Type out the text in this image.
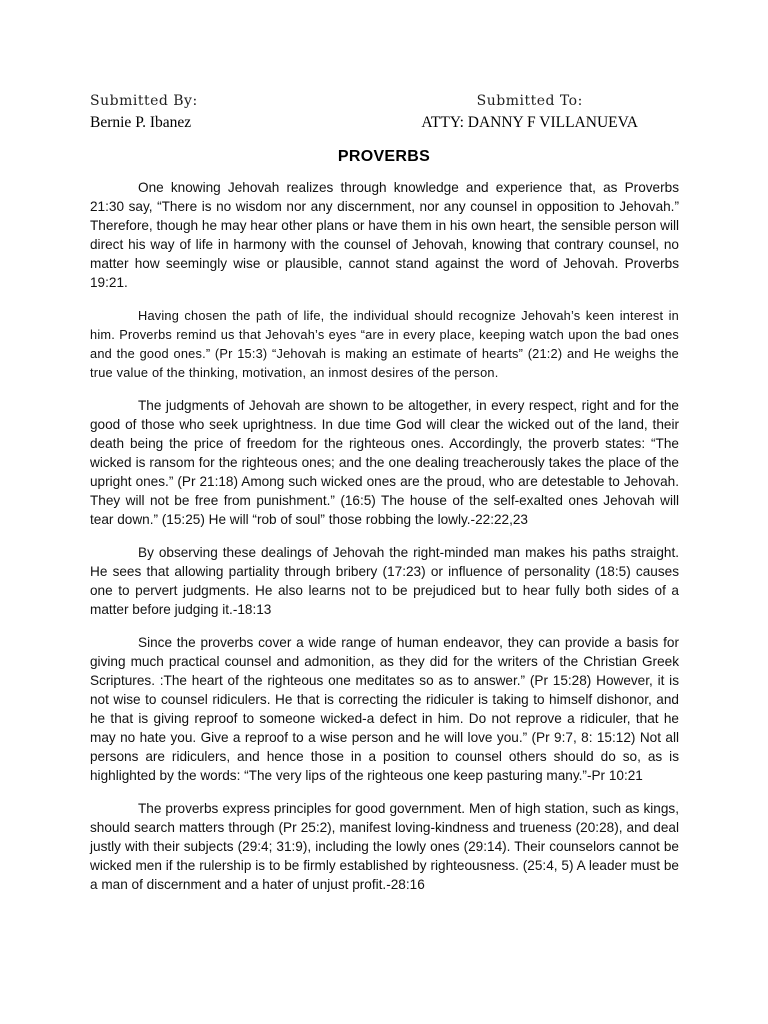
Submitted By:
Bernie P. Ibanez
Submitted To:
ATTY: DANNY F VILLANUEVA
PROVERBS

One knowing Jehovah realizes through knowledge and experience that, as Proverbs 21:30 say, “There is no wisdom nor any discernment, nor any counsel in opposition to Jehovah.” Therefore, though he may hear other plans or have them in his own heart, the sensible person will direct his way of life in harmony with the counsel of Jehovah, knowing that contrary counsel, no matter how seemingly wise or plausible, cannot stand against the word of Jehovah. Proverbs 19:21.

Having chosen the path of life, the individual should recognize Jehovah’s keen interest in him. Proverbs remind us that Jehovah’s eyes “are in every place, keeping watch upon the bad ones and the good ones.” (Pr 15:3) “Jehovah is making an estimate of hearts” (21:2) and He weighs the true value of the thinking, motivation, an inmost desires of the person.

The judgments of Jehovah are shown to be altogether, in every respect, right and for the good of those who seek uprightness. In due time God will clear the wicked out of the land, their death being the price of freedom for the righteous ones. Accordingly, the proverb states: “The wicked is ransom for the righteous ones; and the one dealing treacherously takes the place of the upright ones.” (Pr 21:18) Among such wicked ones are the proud, who are detestable to Jehovah. They will not be free from punishment.” (16:5) The house of the self-exalted ones Jehovah will tear down.” (15:25) He will “rob of soul” those robbing the lowly.-22:22,23

By observing these dealings of Jehovah the right-minded man makes his paths straight. He sees that allowing partiality through bribery (17:23) or influence of personality (18:5) causes one to pervert judgments. He also learns not to be prejudiced but to hear fully both sides of a matter before judging it.-18:13

Since the proverbs cover a wide range of human endeavor, they can provide a basis for giving much practical counsel and admonition, as they did for the writers of the Christian Greek Scriptures. :The heart of the righteous one meditates so as to answer.” (Pr 15:28) However, it is not wise to counsel ridiculers. He that is correcting the ridiculer is taking to himself dishonor, and he that is giving reproof to someone wicked-a defect in him. Do not reprove a ridiculer, that he may no hate you. Give a reproof to a wise person and he will love you.” (Pr 9:7, 8: 15:12) Not all persons are ridiculers, and hence those in a position to counsel others should do so, as is highlighted by the words: “The very lips of the righteous one keep pasturing many.”-Pr 10:21

The proverbs express principles for good government. Men of high station, such as kings, should search matters through (Pr 25:2), manifest loving-kindness and trueness (20:28), and deal justly with their subjects (29:4; 31:9), including the lowly ones (29:14). Their counselors cannot be wicked men if the rulership is to be firmly established by righteousness. (25:4, 5) A leader must be a man of discernment and a hater of unjust profit.-28:16
